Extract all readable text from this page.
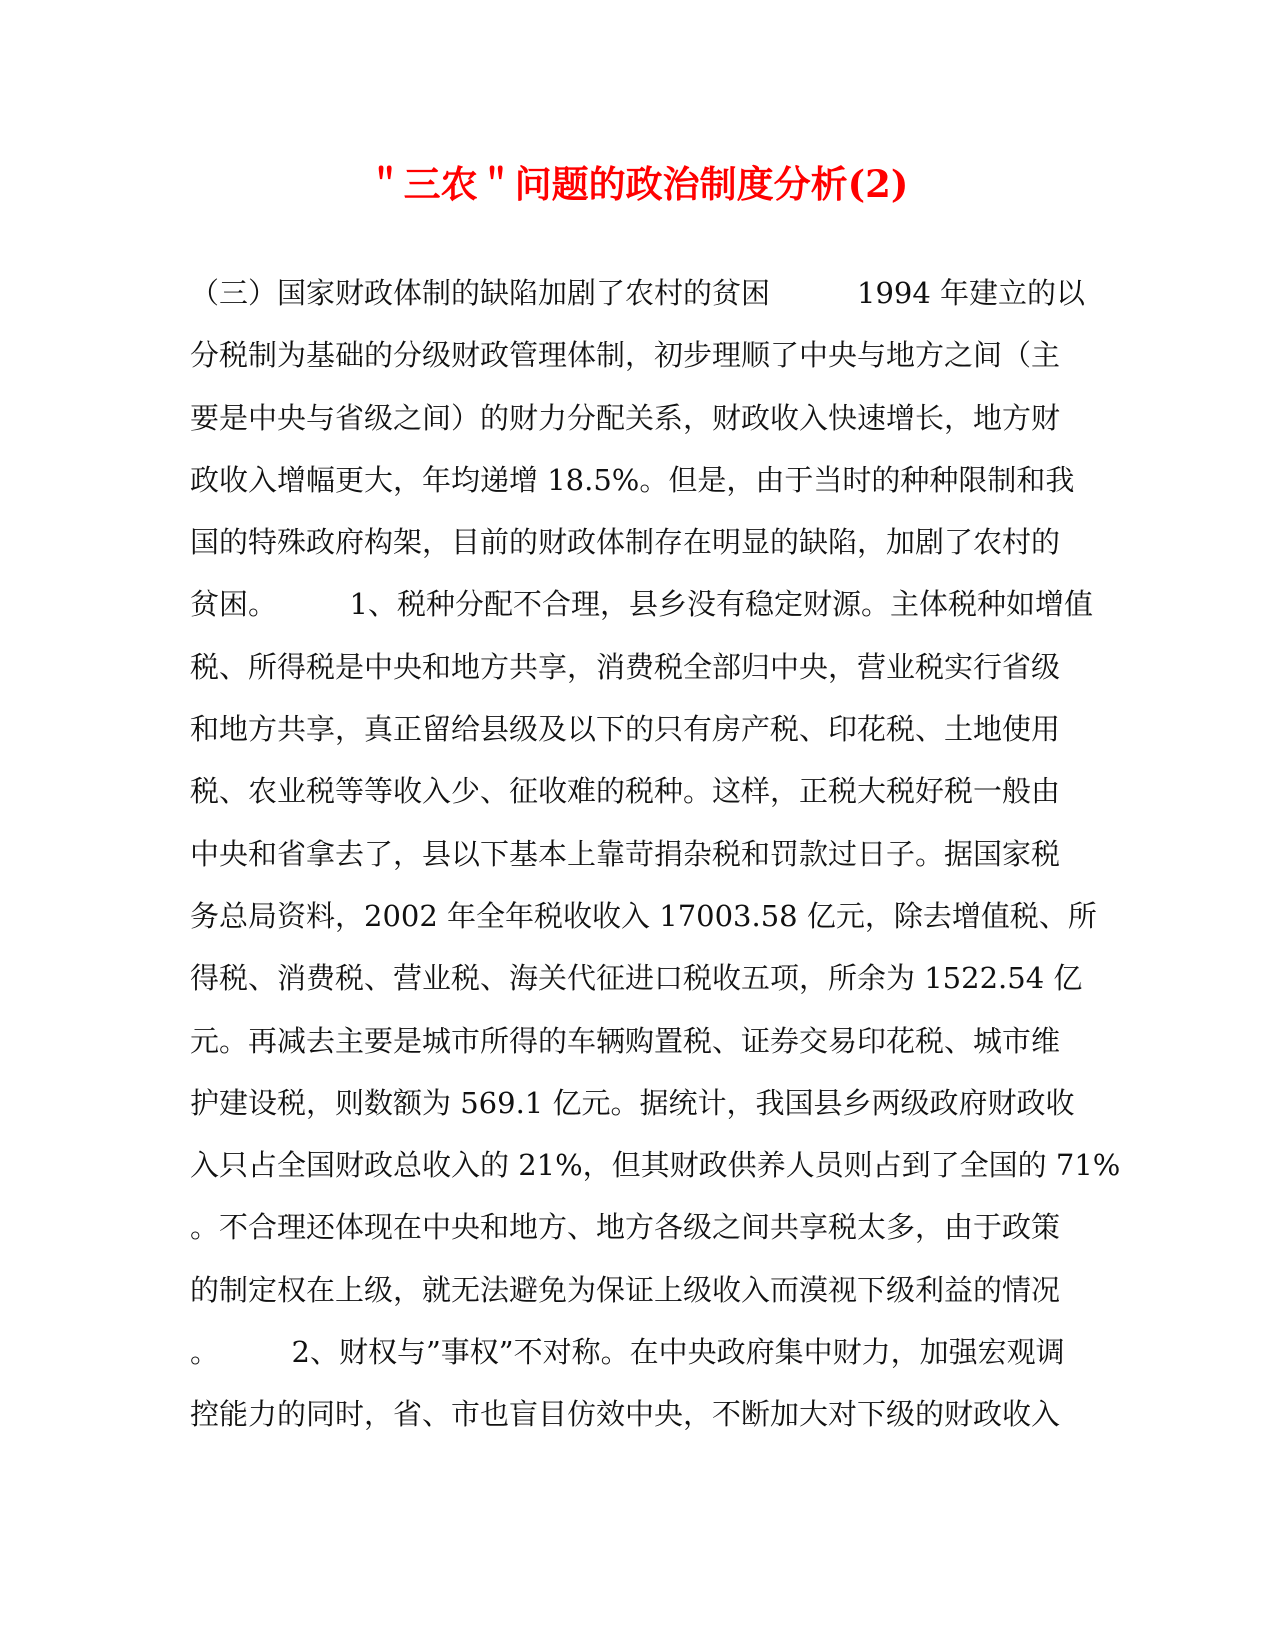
＂三农＂问题的政治制度分析(2)
（三）国家财政体制的缺陷加剧了农村的贫困　　　1994 年建立的以
分税制为基础的分级财政管理体制，初步理顺了中央与地方之间（主
要是中央与省级之间）的财力分配关系，财政收入快速增长，地方财
政收入增幅更大，年均递增 18.5%。但是，由于当时的种种限制和我
国的特殊政府构架，目前的财政体制存在明显的缺陷，加剧了农村的
贫困。　　　1、税种分配不合理，县乡没有稳定财源。主体税种如增值
税、所得税是中央和地方共享，消费税全部归中央，营业税实行省级
和地方共享，真正留给县级及以下的只有房产税、印花税、土地使用
税、农业税等等收入少、征收难的税种。这样，正税大税好税一般由
中央和省拿去了，县以下基本上靠苛捐杂税和罚款过日子。据国家税
务总局资料，2002 年全年税收收入 17003.58 亿元，除去增值税、所
得税、消费税、营业税、海关代征进口税收五项，所余为 1522.54 亿
元。再减去主要是城市所得的车辆购置税、证券交易印花税、城市维
护建设税，则数额为 569.1 亿元。据统计，我国县乡两级政府财政收
入只占全国财政总收入的 21%，但其财政供养人员则占到了全国的 71%
。不合理还体现在中央和地方、地方各级之间共享税太多，由于政策
的制定权在上级，就无法避免为保证上级收入而漠视下级利益的情况
。　　　2、财权与”事权”不对称。在中央政府集中财力，加强宏观调
控能力的同时，省、市也盲目仿效中央，不断加大对下级的财政收入
